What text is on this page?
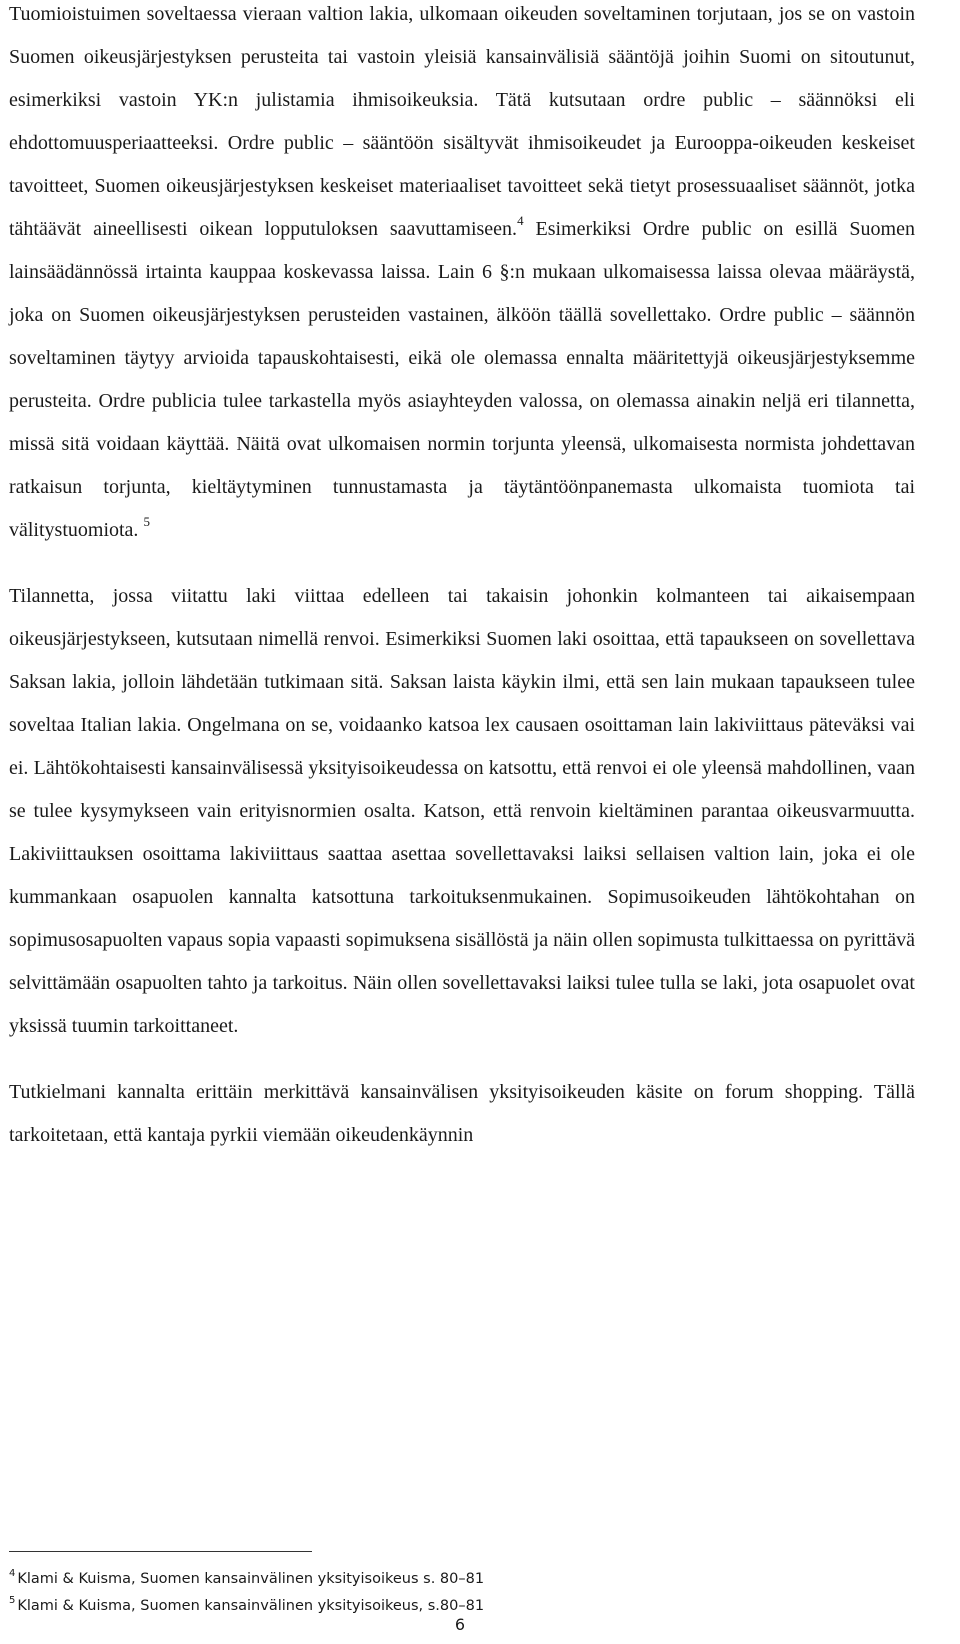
Tuomioistuimen soveltaessa vieraan valtion lakia, ulkomaan oikeuden soveltaminen torjutaan, jos se on vastoin Suomen oikeusjärjestyksen perusteita tai vastoin yleisiä kansainvälisiä sääntöjä joihin Suomi on sitoutunut, esimerkiksi vastoin YK:n julistamia ihmisoikeuksia. Tätä kutsutaan ordre public – säännöksi eli ehdottomuusperiaatteeksi. Ordre public – sääntöön sisältyvät ihmisoikeudet ja Eurooppa-oikeuden keskeiset tavoitteet, Suomen oikeusjärjestyksen keskeiset materiaaliset tavoitteet sekä tietyt prosessuaaliset säännöt, jotka tähtäävät aineellisesti oikean lopputuloksen saavuttamiseen.$^4$ Esimerkiksi Ordre public on esillä Suomen lainsäädännössä irtainta kauppaa koskevassa laissa. Lain 6 §:n mukaan ulkomaisessa laissa olevaa määräystä, joka on Suomen oikeusjärjestyksen perusteiden vastainen, älköön täällä sovellettako. Ordre public – säännön soveltaminen täytyy arvioida tapauskohtaisesti, eikä ole olemassa ennalta määritettyjä oikeusjärjestyksemme perusteita. Ordre publicia tulee tarkastella myös asiayhteyden valossa, on olemassa ainakin neljä eri tilannetta, missä sitä voidaan käyttää. Näitä ovat ulkomaisen normin torjunta yleensä, ulkomaisesta normista johdettavan ratkaisun torjunta, kieltäytyminen tunnustamasta ja täytäntöönpanemasta ulkomaista tuomiota tai välitystuomiota. $^5$

Tilannetta, jossa viitattu laki viittaa edelleen tai takaisin johonkin kolmanteen tai aikaisempaan oikeusjärjestykseen, kutsutaan nimellä renvoi. Esimerkiksi Suomen laki osoittaa, että tapaukseen on sovellettava Saksan lakia, jolloin lähdetään tutkimaan sitä. Saksan laista käykin ilmi, että sen lain mukaan tapaukseen tulee soveltaa Italian lakia. Ongelmana on se, voidaanko katsoa lex causaen osoittaman lain lakiviittaus päteväksi vai ei. Lähtökohtaisesti kansainvälisessä yksityisoikeudessa on katsottu, että renvoi ei ole yleensä mahdollinen, vaan se tulee kysymykseen vain erityisnormien osalta. Katson, että renvoin kieltäminen parantaa oikeusvarmuutta. Lakiviittauksen osoittama lakiviittaus saattaa asettaa sovellettavaksi laiksi sellaisen valtion lain, joka ei ole kummankaan osapuolen kannalta katsottuna tarkoituksenmukainen. Sopimusoikeuden lähtökohtahan on sopimusosapuolten vapaus sopia vapaasti sopimuksena sisällöstä ja näin ollen sopimusta tulkittaessa on pyrittävä selvittämään osapuolten tahto ja tarkoitus. Näin ollen sovellettavaksi laiksi tulee tulla se laki, jota osapuolet ovat yksissä tuumin tarkoittaneet.

Tutkielmani kannalta erittäin merkittävä kansainvälisen yksityisoikeuden käsite on forum shopping. Tällä tarkoitetaan, että kantaja pyrkii viemään oikeudenkäynnin

$^4$ Klami & Kuisma, Suomen kansainvälinen yksityisoikeus s. 80–81
$^5$ Klami & Kuisma, Suomen kansainvälinen yksityisoikeus, s.80–81
6
